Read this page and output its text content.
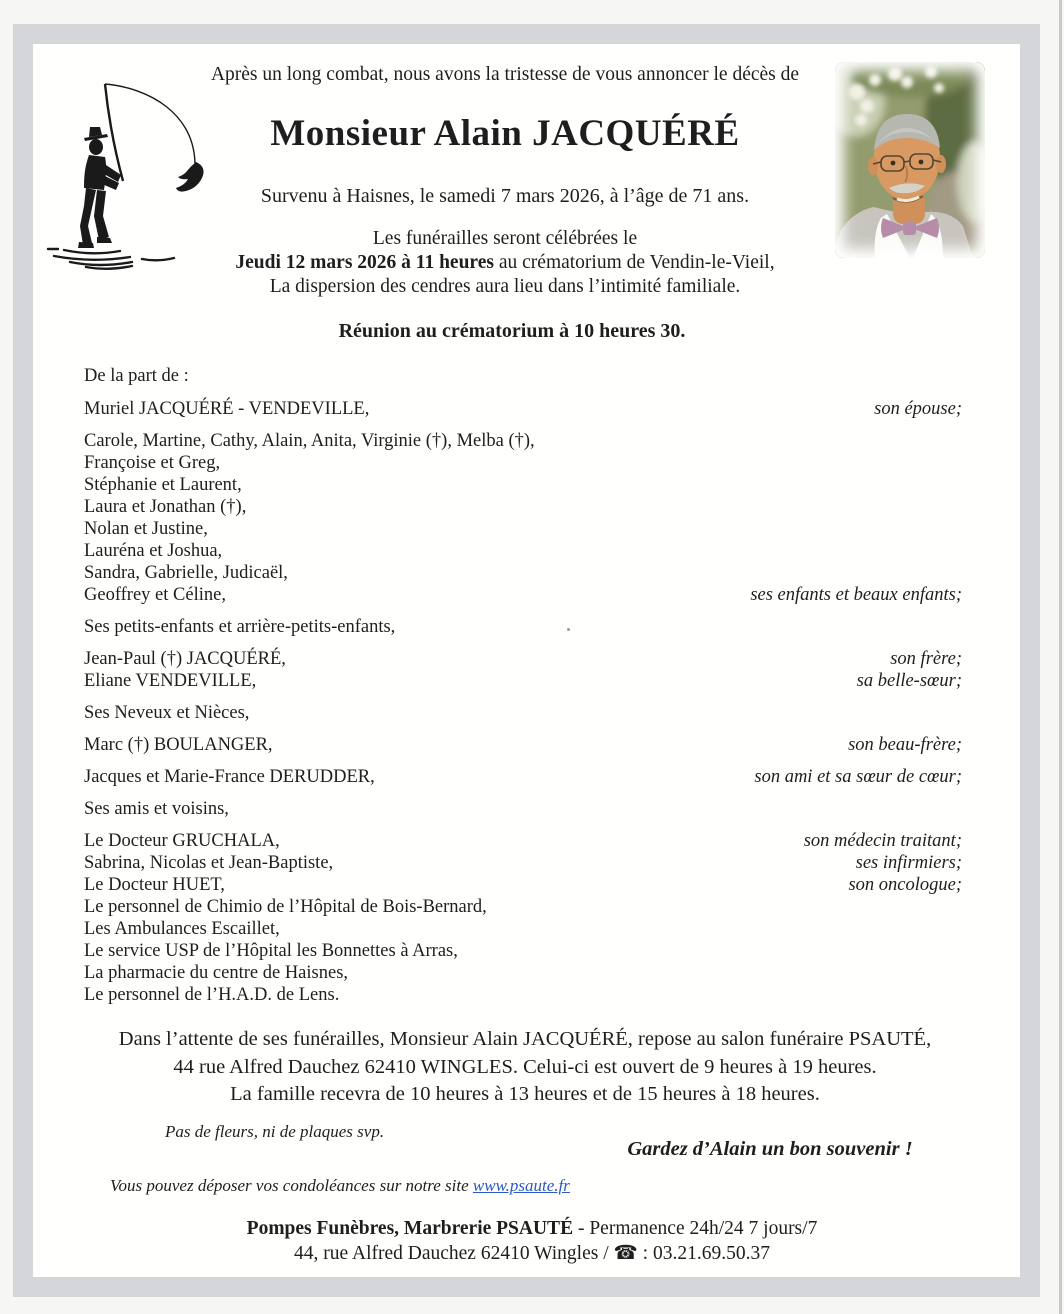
Après un long combat, nous avons la tristesse de vous annoncer le décès de
Monsieur Alain JACQUÉRÉ
Survenu à Haisnes, le samedi 7 mars 2026, à l’âge de 71 ans.
Les funérailles seront célébrées le
Jeudi 12 mars 2026 à 11 heures au crématorium de Vendin-le-Vieil,
La dispersion des cendres aura lieu dans l’intimité familiale.
Réunion au crématorium à 10 heures 30.
De la part de :
Muriel JACQUÉRÉ - VENDEVILLE,	son épouse;
Carole, Martine, Cathy, Alain, Anita, Virginie (†), Melba (†),
Françoise et Greg,
Stéphanie et Laurent,
Laura et Jonathan (†),
Nolan et Justine,
Lauréna et Joshua,
Sandra, Gabrielle, Judicaël,
Geoffrey et Céline,	ses enfants et beaux enfants;
Ses petits-enfants et arrière-petits-enfants,
Jean-Paul (†) JACQUÉRÉ,	son frère;
Eliane VENDEVILLE,	sa belle-sœur;
Ses Neveux et Nièces,
Marc (†) BOULANGER,	son beau-frère;
Jacques et Marie-France DERUDDER,	son ami et sa sœur de cœur;
Ses amis et voisins,
Le Docteur GRUCHALA,	son médecin traitant;
Sabrina, Nicolas et Jean-Baptiste,	ses infirmiers;
Le Docteur HUET,	son oncologue;
Le personnel de Chimio de l’Hôpital de Bois-Bernard,
Les Ambulances Escaillet,
Le service USP de l’Hôpital les Bonnettes à Arras,
La pharmacie du centre de Haisnes,
Le personnel de l’H.A.D. de Lens.
Dans l’attente de ses funérailles, Monsieur Alain JACQUÉRÉ, repose au salon funéraire PSAUTÉ,
44 rue Alfred Dauchez 62410 WINGLES. Celui-ci est ouvert de 9 heures à 19 heures.
La famille recevra de 10 heures à 13 heures et de 15 heures à 18 heures.
Pas de fleurs, ni de plaques svp.
Gardez d’Alain un bon souvenir !
Vous pouvez déposer vos condoléances sur notre site www.psaute.fr
Pompes Funèbres, Marbrerie PSAUTÉ - Permanence 24h/24 7 jours/7
44, rue Alfred Dauchez 62410 Wingles / ☎ : 03.21.69.50.37
